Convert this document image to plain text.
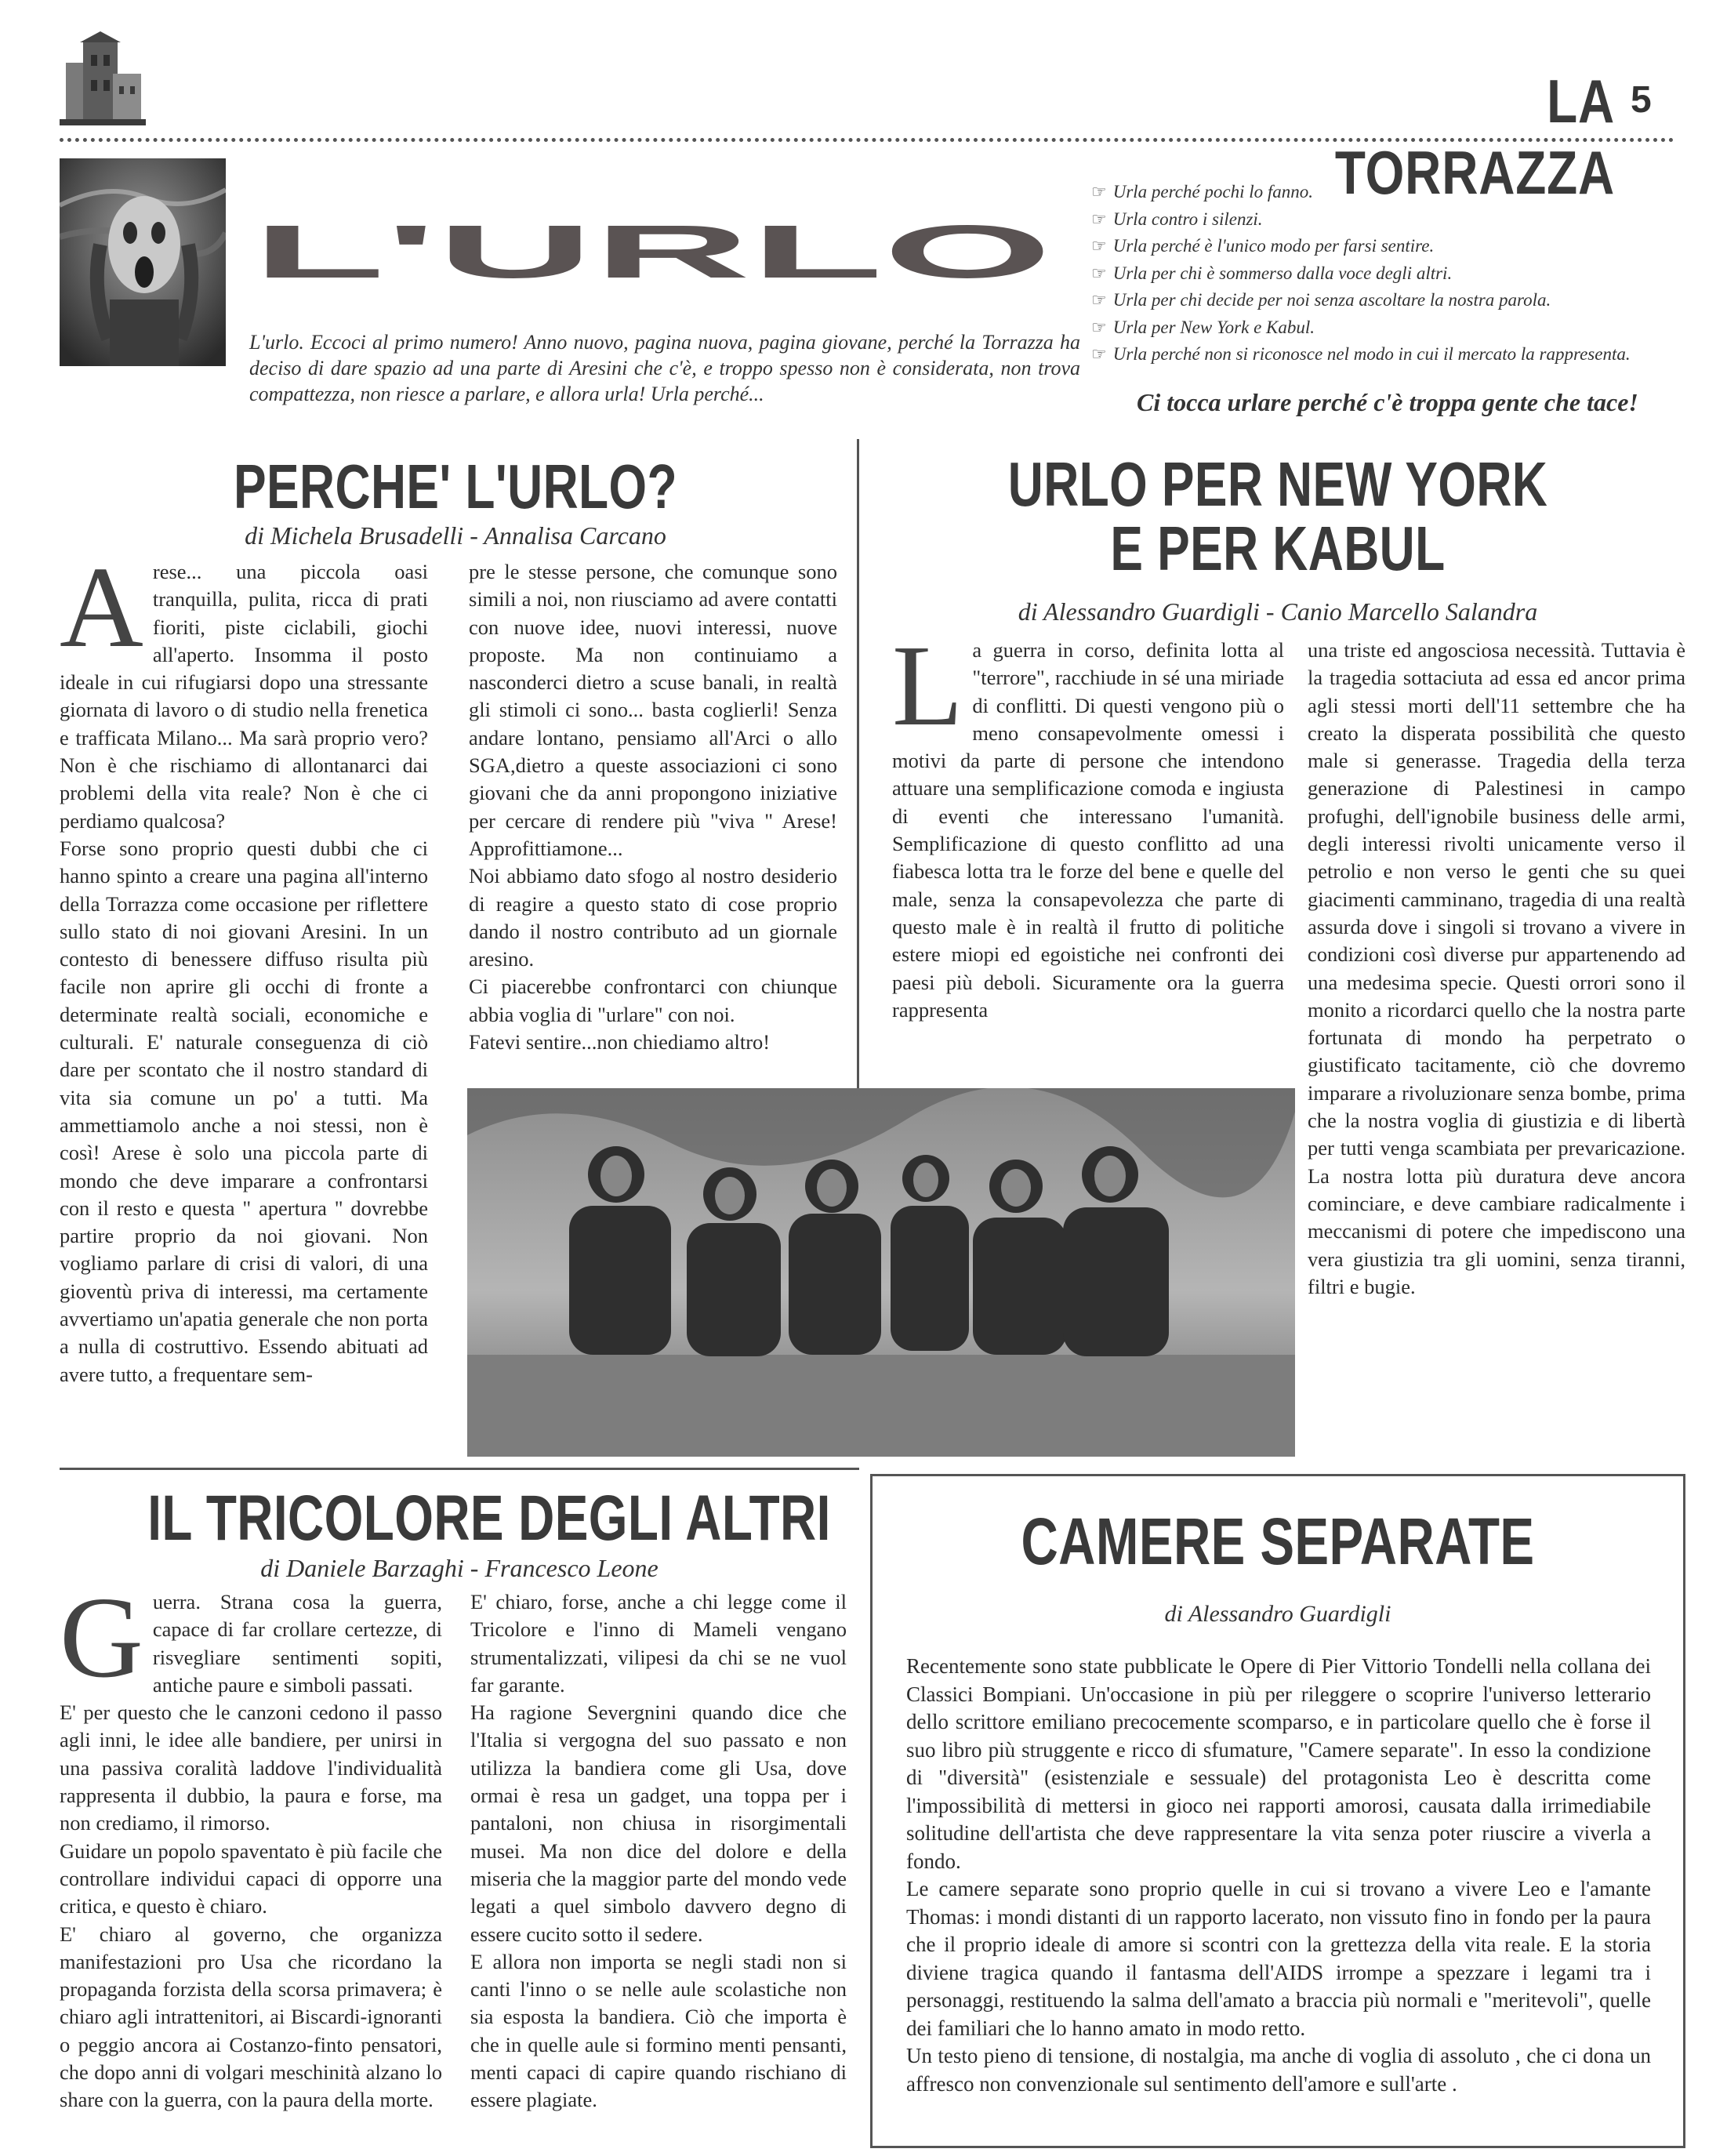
LA TORRAZZA
5
L'URLO
L'urlo. Eccoci al primo numero! Anno nuovo, pagina nuova, pagina giovane, perché la Torrazza ha deciso di dare spazio ad una parte di Aresini che c'è, e troppo spesso non è considerata, non trova compattezza, non riesce a parlare, e allora urla! Urla perché...
☞ Urla perché pochi lo fanno.
☞ Urla contro i silenzi.
☞ Urla perché è l'unico modo per farsi sentire.
☞ Urla per chi è sommerso dalla voce degli altri.
☞ Urla per chi decide per noi senza ascoltare la nostra parola.
☞ Urla per New York e Kabul.
☞ Urla perché non si riconosce nel modo in cui il mercato la rappresenta.
Ci tocca urlare perché c'è troppa gente che tace!
PERCHE' L'URLO?
di Michela Brusadelli - Annalisa Carcano
A rese... una piccola oasi tranquilla, pulita, ricca di prati fioriti, piste ciclabili, giochi all'aperto. Insomma il posto ideale in cui rifugiarsi dopo una stressante giornata di lavoro o di studio nella frenetica e trafficata Milano... Ma sarà proprio vero? Non è che rischiamo di allontanarci dai problemi della vita reale? Non è che ci perdiamo qualcosa?

Forse sono proprio questi dubbi che ci hanno spinto a creare una pagina all'interno della Torrazza come occasione per riflettere sullo stato di noi giovani Aresini. In un contesto di benessere diffuso risulta più facile non aprire gli occhi di fronte a determinate realtà sociali, economiche e culturali. E' naturale conseguenza di ciò dare per scontato che il nostro standard di vita sia comune un po' a tutti. Ma ammettiamolo anche a noi stessi, non è così! Arese è solo una piccola parte di mondo che deve imparare a confrontarsi con il resto e questa " apertura " dovrebbe partire proprio da noi giovani. Non vogliamo parlare di crisi di valori, di una gioventù priva di interessi, ma certamente avvertiamo un'apatia generale che non porta a nulla di costruttivo. Essendo abituati ad avere tutto, a frequentare sem-

pre le stesse persone, che comunque sono simili a noi, non riusciamo ad avere contatti con nuove idee, nuovi interessi, nuove proposte. Ma non continuiamo a nasconderci dietro a scuse banali, in realtà gli stimoli ci sono... basta coglierli! Senza andare lontano, pensiamo all'Arci o allo SGA,dietro a queste associazioni ci sono giovani che da anni propongono iniziative per cercare di rendere più "viva " Arese! Approfittiamone...

Noi abbiamo dato sfogo al nostro desiderio di reagire a questo stato di cose proprio dando il nostro contributo ad un giornale aresino.

Ci piacerebbe confrontarci con chiunque abbia voglia di "urlare" con noi.

Fatevi sentire...non chiediamo altro!

URLO PER NEW YORK
E PER KABUL
di Alessandro Guardigli - Canio Marcello Salandra
L a guerra in corso, definita lotta al "terrore", racchiude in sé una miriade di conflitti. Di questi vengono più o meno consapevolmente omessi i motivi da parte di persone che intendono attuare una semplificazione comoda e ingiusta di eventi che interessano l'umanità. Semplificazione di questo conflitto ad una fiabesca lotta tra le forze del bene e quelle del male, senza la consapevolezza che parte di questo male è in realtà il frutto di politiche estere miopi ed egoistiche nei confronti dei paesi più deboli. Sicuramente ora la guerra rappresenta

una triste ed angosciosa necessità. Tuttavia è la tragedia sottaciuta ad essa ed ancor prima agli stessi morti dell'11 settembre che ha creato la disperata possibilità che questo male si generasse. Tragedia della terza generazione di Palestinesi in campo profughi, dell'ignobile business delle armi, degli interessi rivolti unicamente verso il petrolio e non verso le genti che su quei giacimenti camminano, tragedia di una realtà assurda dove i singoli si trovano a vivere in condizioni così diverse pur appartenendo ad una medesima specie. Questi orrori sono il monito a ricordarci quello che la nostra parte fortunata di mondo ha perpetrato o giustificato tacitamente, ciò che dovremo imparare a rivoluzionare senza bombe, prima che la nostra voglia di giustizia e di libertà per tutti venga scambiata per prevaricazione. La nostra lotta più duratura deve ancora cominciare, e deve cambiare radicalmente i meccanismi di potere che impediscono una vera giustizia tra gli uomini, senza tiranni, filtri e bugie.

IL TRICOLORE DEGLI ALTRI
di Daniele Barzaghi - Francesco Leone
G uerra. Strana cosa la guerra, capace di far crollare certezze, di risvegliare sentimenti sopiti, antiche paure e simboli passati.

E' per questo che le canzoni cedono il passo agli inni, le idee alle bandiere, per unirsi in una passiva coralità laddove l'individualità rappresenta il dubbio, la paura e forse, ma non crediamo, il rimorso.

Guidare un popolo spaventato è più facile che controllare individui capaci di opporre una critica, e questo è chiaro.

E' chiaro al governo, che organizza manifestazioni pro Usa che ricordano la propaganda forzista della scorsa primavera; è chiaro agli intrattenitori, ai Biscardi-ignoranti o peggio ancora ai Costanzo-finto pensatori, che dopo anni di volgari meschinità alzano lo share con la guerra, con la paura della morte.

E' chiaro, forse, anche a chi legge come il Tricolore e l'inno di Mameli vengano strumentalizzati, vilipesi da chi se ne vuol far garante.

Ha ragione Severgnini quando dice che l'Italia si vergogna del suo passato e non utilizza la bandiera come gli Usa, dove ormai è resa un gadget, una toppa per i pantaloni, non chiusa in risorgimentali musei. Ma non dice del dolore e della miseria che la maggior parte del mondo vede legati a quel simbolo davvero degno di essere cucito sotto il sedere.

E allora non importa se negli stadi non si canti l'inno o se nelle aule scolastiche non sia esposta la bandiera. Ciò che importa è che in quelle aule si formino menti pensanti, menti capaci di capire quando rischiano di essere plagiate.

CAMERE SEPARATE
di Alessandro Guardigli

Recentemente sono state pubblicate le Opere di Pier Vittorio Tondelli nella collana dei Classici Bompiani. Un'occasione in più per rileggere o scoprire l'universo letterario dello scrittore emiliano precocemente scomparso, e in particolare quello che è forse il suo libro più struggente e ricco di sfumature, "Camere separate". In esso la condizione di "diversità" (esistenziale e sessuale) del protagonista Leo è descritta come l'impossibilità di mettersi in gioco nei rapporti amorosi, causata dalla irrimediabile solitudine dell'artista che deve rappresentare la vita senza poter riuscire a viverla a fondo.

Le camere separate sono proprio quelle in cui si trovano a vivere Leo e l'amante Thomas: i mondi distanti di un rapporto lacerato, non vissuto fino in fondo per la paura che il proprio ideale di amore si scontri con la grettezza della vita reale. E la storia diviene tragica quando il fantasma dell'AIDS irrompe a spezzare i legami tra i personaggi, restituendo la salma dell'amato a braccia più normali e "meritevoli", quelle dei familiari che lo hanno amato in modo retto.

Un testo pieno di tensione, di nostalgia, ma anche di voglia di assoluto , che ci dona un affresco non convenzionale sul sentimento dell'amore e sull'arte .
